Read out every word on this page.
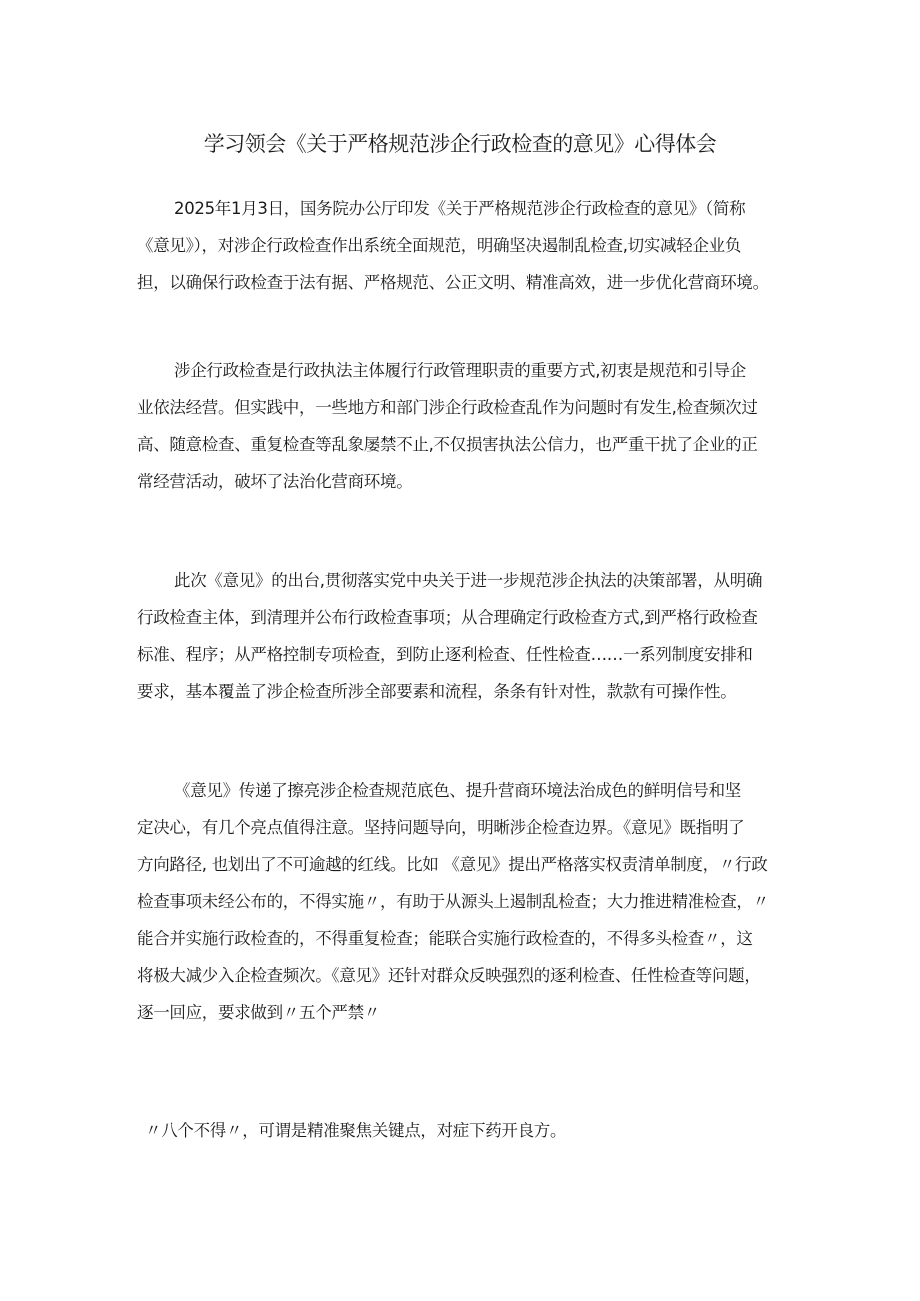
学习领会《关于严格规范涉企行政检查的意见》心得体会
2025年1月3日，国务院办公厅印发《关于严格规范涉企行政检查的意见》（简称
《意见》），对涉企行政检查作出系统全面规范，明确坚决遏制乱检查,切实减轻企业负
担，以确保行政检查于法有据、严格规范、公正文明、精准高效，进一步优化营商环境。
涉企行政检查是行政执法主体履行行政管理职责的重要方式,初衷是规范和引导企
业依法经营。但实践中，一些地方和部门涉企行政检查乱作为问题时有发生,检查频次过
高、随意检查、重复检查等乱象屡禁不止,不仅损害执法公信力，也严重干扰了企业的正
常经营活动，破坏了法治化营商环境。
此次《意见》的出台,贯彻落实党中央关于进一步规范涉企执法的决策部署，从明确
行政检查主体，到清理并公布行政检查事项；从合理确定行政检查方式,到严格行政检查
标准、程序；从严格控制专项检查，到防止逐利检查、任性检查……一系列制度安排和
要求，基本覆盖了涉企检查所涉全部要素和流程，条条有针对性，款款有可操作性。
《意见》传递了擦亮涉企检查规范底色、提升营商环境法治成色的鲜明信号和坚
定决心，有几个亮点值得注意。坚持问题导向，明晰涉企检查边界。《意见》既指明了
方向路径, 也划出了不可逾越的红线。比如 《意见》提出严格落实权责清单制度，〃行政
检查事项未经公布的，不得实施〃，有助于从源头上遏制乱检查；大力推进精准检查，〃
能合并实施行政检查的，不得重复检查；能联合实施行政检查的，不得多头检查〃，这
将极大减少入企检查频次。《意见》还针对群众反映强烈的逐利检查、任性检查等问题，
逐一回应，要求做到〃五个严禁〃
〃八个不得〃，可谓是精准聚焦关键点，对症下药开良方。
